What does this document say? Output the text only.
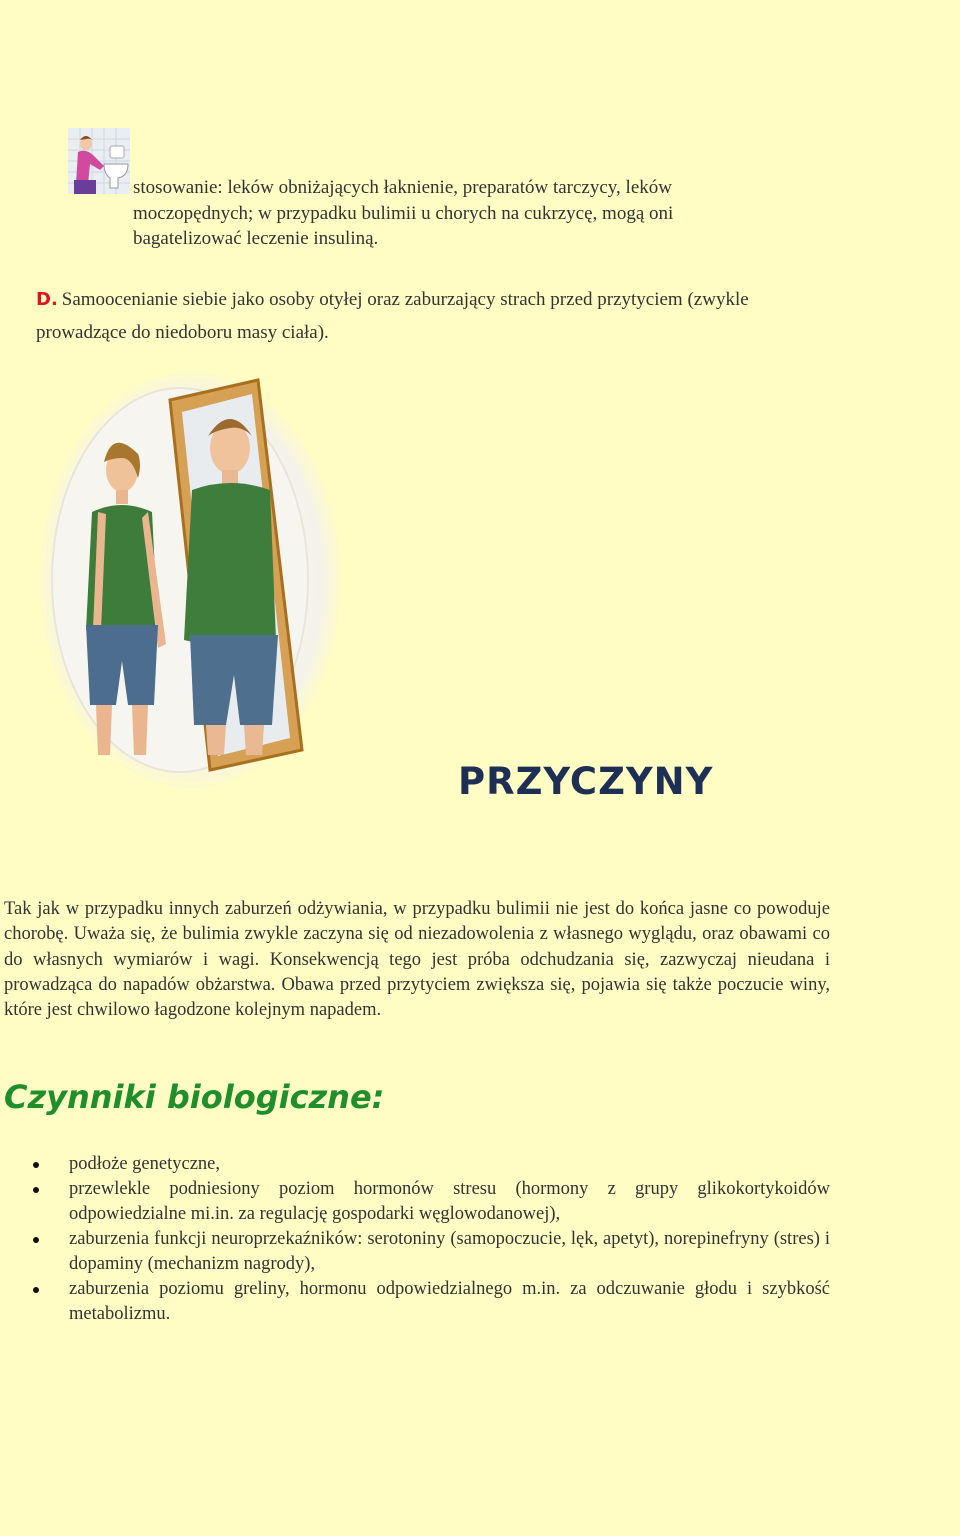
stosowanie: leków obniżających łaknienie, preparatów tarczycy, leków moczopędnych; w przypadku bulimii u chorych na cukrzycę, mogą oni bagatelizować leczenie insuliną.
D. Samoocenianie siebie jako osoby otyłej oraz zaburzający strach przed przytyciem (zwykle prowadzące do niedoboru masy ciała).
PRZYCZYNY
Tak jak w przypadku innych zaburzeń odżywiania, w przypadku bulimii nie jest do końca jasne co powoduje chorobę. Uważa się, że bulimia zwykle zaczyna się od niezadowolenia z własnego wyglądu, oraz obawami co do własnych wymiarów i wagi. Konsekwencją tego jest próba odchudzania się, zazwyczaj nieudana i prowadząca do napadów obżarstwa. Obawa przed przytyciem zwiększa się, pojawia się także poczucie winy, które jest chwilowo łagodzone kolejnym napadem.
Czynniki biologiczne:
podłoże genetyczne,
przewlekle podniesiony poziom hormonów stresu (hormony z grupy glikokortykoidów odpowiedzialne mi.in. za regulację gospodarki węglowodanowej),
zaburzenia funkcji neuroprzekaźników: serotoniny (samopoczucie, lęk, apetyt), norepinefryny (stres) i dopaminy (mechanizm nagrody),
zaburzenia poziomu greliny, hormonu odpowiedzialnego m.in. za odczuwanie głodu i szybkość metabolizmu.
